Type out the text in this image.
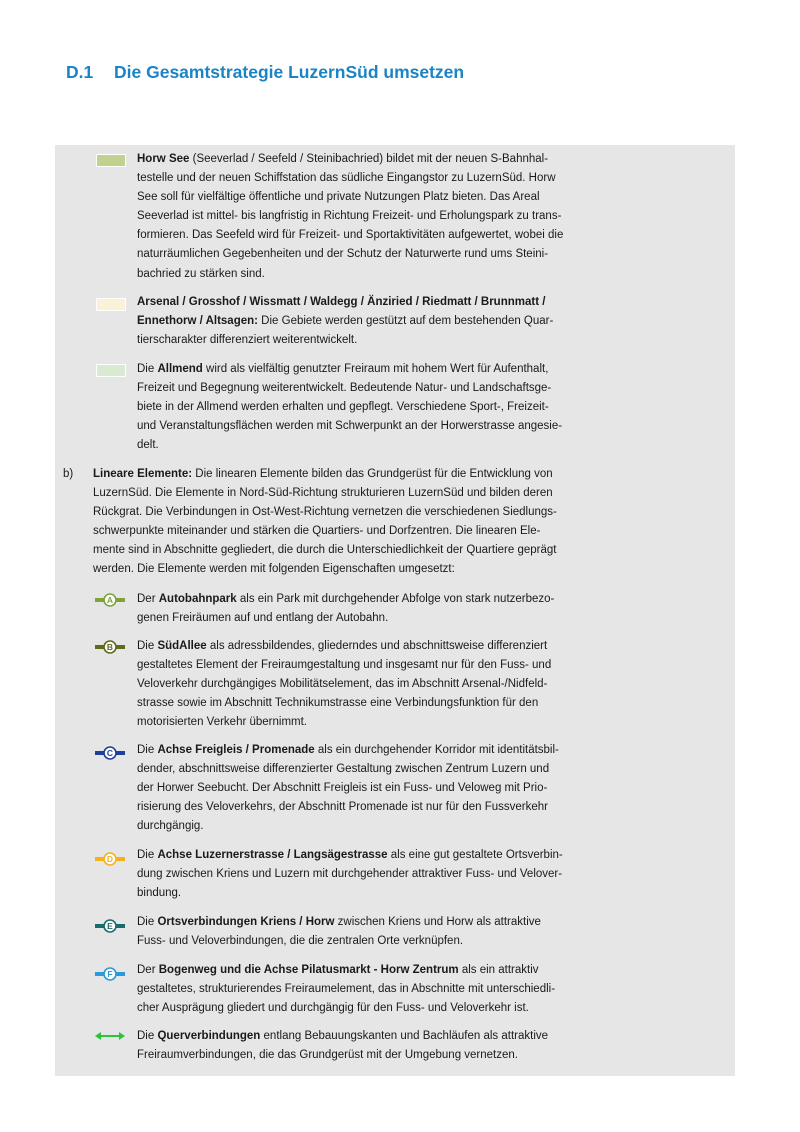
D.1 Die Gesamtstrategie LuzernSüd umsetzen

Horw See (Seeverlad / Seefeld / Steinibachried) bildet mit der neuen S-Bahnhal-
testelle und der neuen Schiffstation das südliche Eingangstor zu LuzernSüd. Horw
See soll für vielfältige öffentliche und private Nutzungen Platz bieten. Das Areal
Seeverlad ist mittel- bis langfristig in Richtung Freizeit- und Erholungspark zu trans-
formieren. Das Seefeld wird für Freizeit- und Sportaktivitäten aufgewertet, wobei die
naturräumlichen Gegebenheiten und der Schutz der Naturwerte rund ums Steini-
bachried zu stärken sind.

Arsenal / Grosshof / Wissmatt / Waldegg / Änziried / Riedmatt / Brunnmatt /
Ennethorw / Altsagen: Die Gebiete werden gestützt auf dem bestehenden Quar-
tierscharakter differenziert weiterentwickelt.

Die Allmend wird als vielfältig genutzter Freiraum mit hohem Wert für Aufenthalt,
Freizeit und Begegnung weiterentwickelt. Bedeutende Natur- und Landschaftsge-
biete in der Allmend werden erhalten und gepflegt. Verschiedene Sport-, Freizeit-
und Veranstaltungsflächen werden mit Schwerpunkt an der Horwerstrasse angesie-
delt.

b) Lineare Elemente: Die linearen Elemente bilden das Grundgerüst für die Entwicklung von
LuzernSüd. Die Elemente in Nord-Süd-Richtung strukturieren LuzernSüd und bilden deren
Rückgrat. Die Verbindungen in Ost-West-Richtung vernetzen die verschiedenen Siedlungs-
schwerpunkte miteinander und stärken die Quartiers- und Dorfzentren. Die linearen Ele-
mente sind in Abschnitte gegliedert, die durch die Unterschiedlichkeit der Quartiere geprägt
werden. Die Elemente werden mit folgenden Eigenschaften umgesetzt:

A Der Autobahnpark als ein Park mit durchgehender Abfolge von stark nutzerbezo-
genen Freiräumen auf und entlang der Autobahn.

B Die SüdAllee als adressbildendes, gliederndes und abschnittsweise differenziert
gestaltetes Element der Freiraumgestaltung und insgesamt nur für den Fuss- und
Veloverkehr durchgängiges Mobilitätselement, das im Abschnitt Arsenal-/Nidfeld-
strasse sowie im Abschnitt Technikumstrasse eine Verbindungsfunktion für den
motorisierten Verkehr übernimmt.

C Die Achse Freigleis / Promenade als ein durchgehender Korridor mit identitätsbil-
dender, abschnittsweise differenzierter Gestaltung zwischen Zentrum Luzern und
der Horwer Seebucht. Der Abschnitt Freigleis ist ein Fuss- und Veloweg mit Prio-
risierung des Veloverkehrs, der Abschnitt Promenade ist nur für den Fussverkehr
durchgängig.

D Die Achse Luzernerstrasse / Langsägestrasse als eine gut gestaltete Ortsverbin-
dung zwischen Kriens und Luzern mit durchgehender attraktiver Fuss- und Velover-
bindung.

E Die Ortsverbindungen Kriens / Horw zwischen Kriens und Horw als attraktive
Fuss- und Veloverbindungen, die die zentralen Orte verknüpfen.

F Der Bogenweg und die Achse Pilatusmarkt - Horw Zentrum als ein attraktiv
gestaltetes, strukturierendes Freiraumelement, das in Abschnitte mit unterschiedli-
cher Ausprägung gliedert und durchgängig für den Fuss- und Veloverkehr ist.

Die Querverbindungen entlang Bebauungskanten und Bachläufen als attraktive
Freiraumverbindungen, die das Grundgerüst mit der Umgebung vernetzen.
